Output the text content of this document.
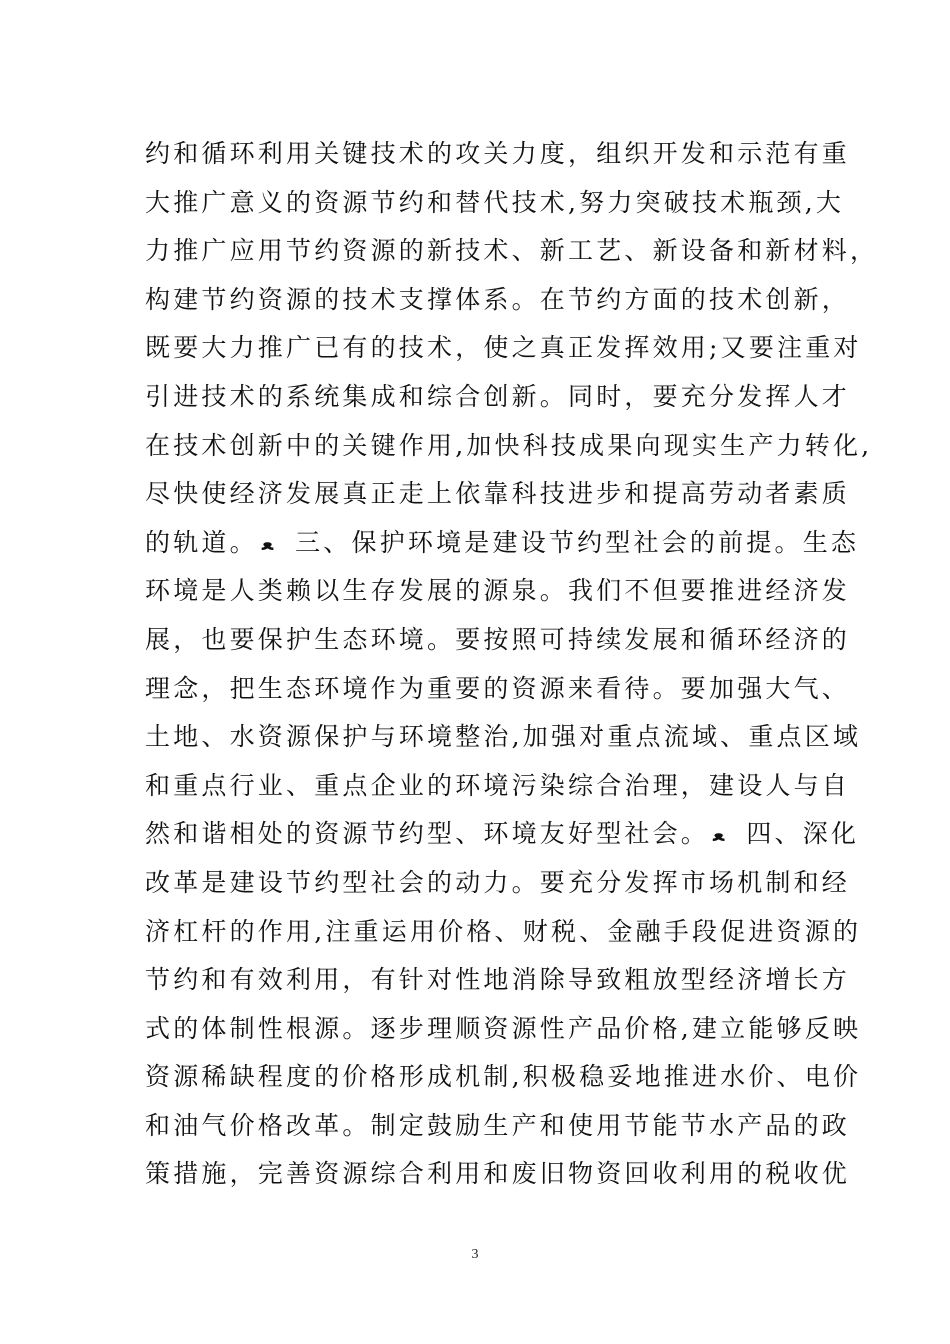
约和循环利用关键技术的攻关力度，组织开发和示范有重
大推广意义的资源节约和替代技术,努力突破技术瓶颈,大
力推广应用节约资源的新技术、新工艺、新设备和新材料，
构建节约资源的技术支撑体系。在节约方面的技术创新，
既要大力推广已有的技术，使之真正发挥效用;又要注重对
引进技术的系统集成和综合创新。同时，要充分发挥人才
在技术创新中的关键作用,加快科技成果向现实生产力转化,
尽快使经济发展真正走上依靠科技进步和提高劳动者素质
的轨道。 ﻌ 三、保护环境是建设节约型社会的前提。生态
环境是人类赖以生存发展的源泉。我们不但要推进经济发
展，也要保护生态环境。要按照可持续发展和循环经济的
理念，把生态环境作为重要的资源来看待。要加强大气、
土地、水资源保护与环境整治,加强对重点流域、重点区域
和重点行业、重点企业的环境污染综合治理，建设人与自
然和谐相处的资源节约型、环境友好型社会。 ﻌ 四、深化
改革是建设节约型社会的动力。要充分发挥市场机制和经
济杠杆的作用,注重运用价格、财税、金融手段促进资源的
节约和有效利用，有针对性地消除导致粗放型经济增长方
式的体制性根源。逐步理顺资源性产品价格,建立能够反映
资源稀缺程度的价格形成机制,积极稳妥地推进水价、电价
和油气价格改革。制定鼓励生产和使用节能节水产品的政
策措施，完善资源综合利用和废旧物资回收利用的税收优
3
